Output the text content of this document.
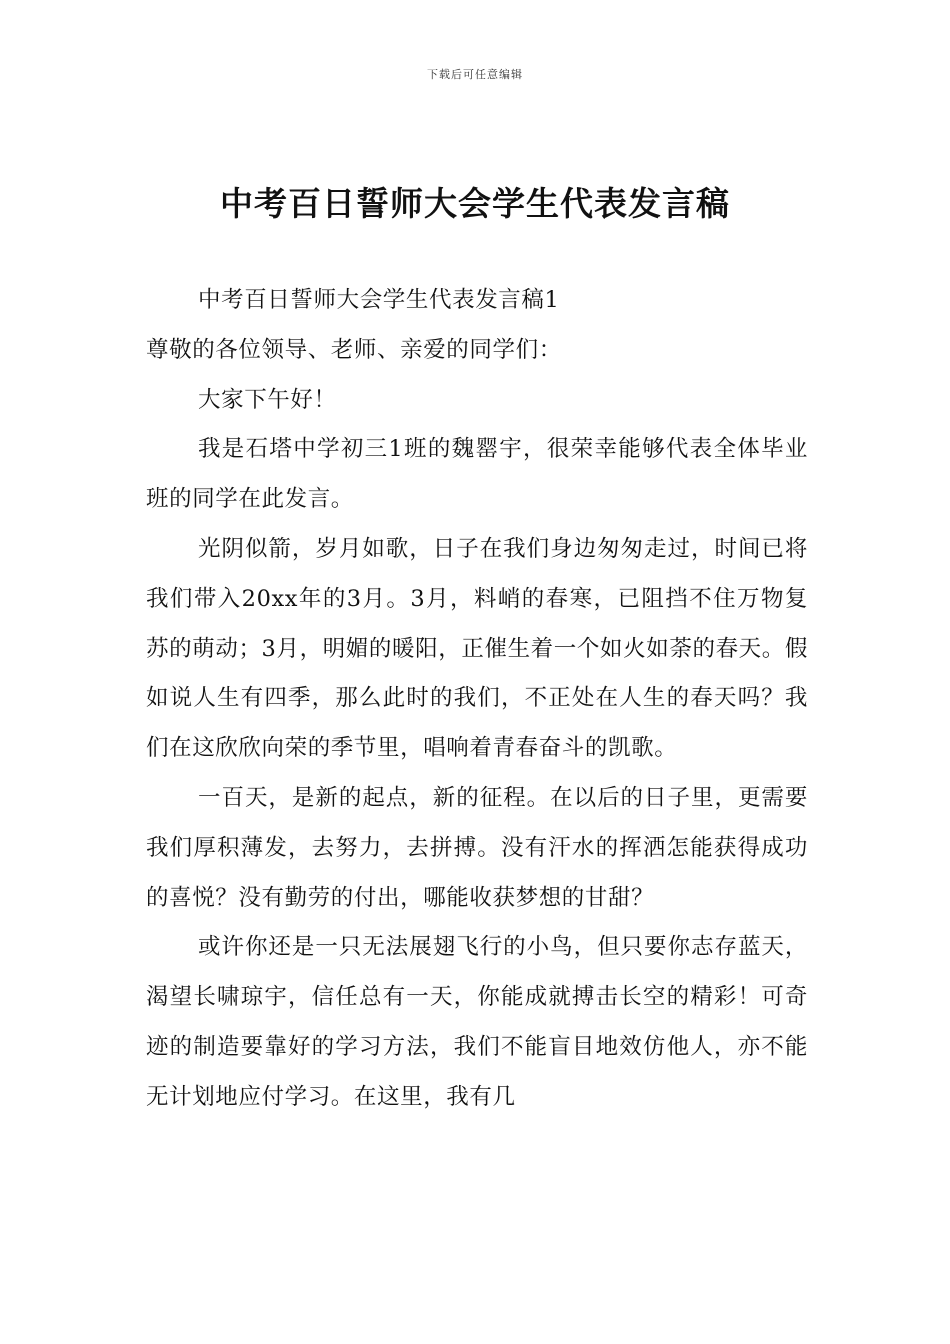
下载后可任意编辑
中考百日誓师大会学生代表发言稿

中考百日誓师大会学生代表发言稿1

尊敬的各位领导、老师、亲爱的同学们：

大家下午好！

我是石塔中学初三1班的魏罂宇，很荣幸能够代表全体毕业班的同学在此发言。

光阴似箭，岁月如歌，日子在我们身边匆匆走过，时间已将我们带入20xx年的3月。3月，料峭的春寒，已阻挡不住万物复苏的萌动；3月，明媚的暖阳，正催生着一个如火如荼的春天。假如说人生有四季，那么此时的我们，不正处在人生的春天吗？我们在这欣欣向荣的季节里，唱响着青春奋斗的凯歌。

一百天，是新的起点，新的征程。在以后的日子里，更需要我们厚积薄发，去努力，去拼搏。没有汗水的挥洒怎能获得成功的喜悦？没有勤劳的付出，哪能收获梦想的甘甜？

或许你还是一只无法展翅飞行的小鸟，但只要你志存蓝天，渴望长啸琼宇，信任总有一天，你能成就搏击长空的精彩！可奇迹的制造要靠好的学习方法，我们不能盲目地效仿他人，亦不能无计划地应付学习。在这里，我有几
